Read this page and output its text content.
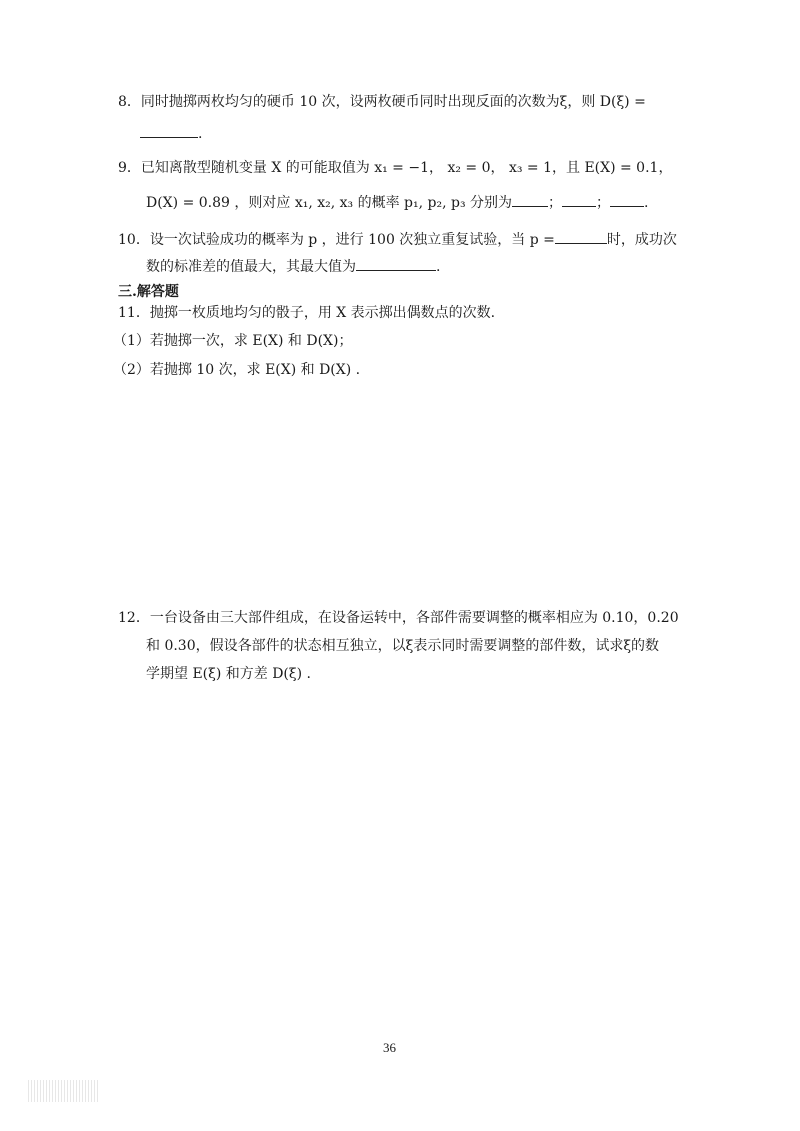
8．同时抛掷两枚均匀的硬币 10 次，设两枚硬币同时出现反面的次数为ξ，则 D(ξ) =
.
9．已知离散型随机变量 X 的可能取值为 x₁ = −1， x₂ = 0， x₃ = 1，且 E(X) = 0.1，
D(X) = 0.89 ，则对应 x₁, x₂, x₃ 的概率 p₁, p₂, p₃ 分别为	； ； .
10．设一次试验成功的概率为 p ，进行 100 次独立重复试验，当 p =	时，成功次
数的标准差的值最大，其最大值为	.
三.解答题
11．抛掷一枚质地均匀的骰子，用 X 表示掷出偶数点的次数.
（1）若抛掷一次，求 E(X) 和 D(X)；
（2）若抛掷 10 次，求 E(X) 和 D(X) .
12．一台设备由三大部件组成，在设备运转中，各部件需要调整的概率相应为 0.10，0.20
和 0.30，假设各部件的状态相互独立，以ξ表示同时需要调整的部件数，试求ξ的数
学期望 E(ξ) 和方差 D(ξ) .
36
